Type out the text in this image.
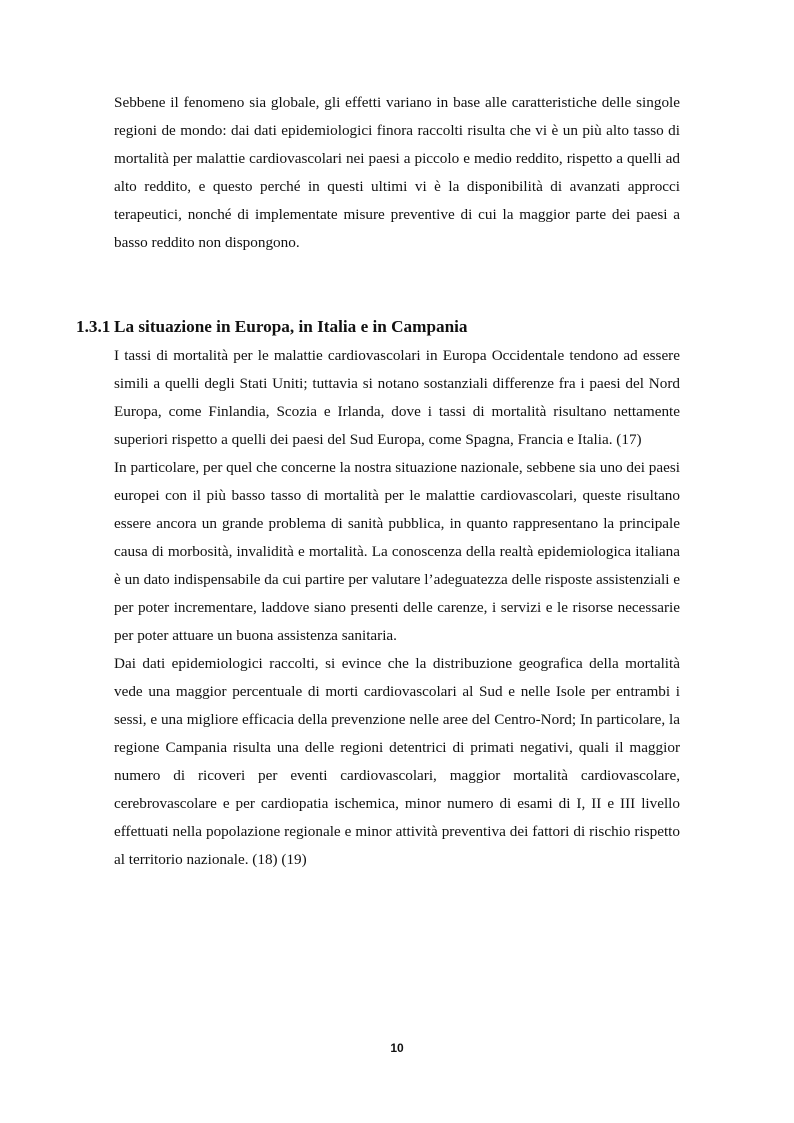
Sebbene il fenomeno sia globale, gli effetti variano in base alle caratteristiche delle singole regioni de mondo: dai dati epidemiologici finora raccolti risulta che vi è un più alto tasso di mortalità per malattie cardiovascolari nei paesi a piccolo e medio reddito, rispetto a quelli ad alto reddito, e questo perché in questi ultimi vi è la disponibilità di avanzati approcci terapeutici, nonché di implementate misure preventive di cui la maggior parte dei paesi a basso reddito non dispongono.

1.3.1 La situazione in Europa, in Italia e in Campania

I tassi di mortalità per le malattie cardiovascolari in Europa Occidentale tendono ad essere simili a quelli degli Stati Uniti; tuttavia si notano sostanziali differenze fra i paesi del Nord Europa, come Finlandia, Scozia e Irlanda, dove i tassi di mortalità risultano nettamente superiori rispetto a quelli dei paesi del Sud Europa, come Spagna, Francia e Italia. (17)

In particolare, per quel che concerne la nostra situazione nazionale, sebbene sia uno dei paesi europei con il più basso tasso di mortalità per le malattie cardiovascolari, queste risultano essere ancora un grande problema di sanità pubblica, in quanto rappresentano la principale causa di morbosità, invalidità e mortalità. La conoscenza della realtà epidemiologica italiana è un dato indispensabile da cui partire per valutare l’adeguatezza delle risposte assistenziali e per poter incrementare, laddove siano presenti delle carenze, i servizi e le risorse necessarie per poter attuare un buona assistenza sanitaria.

Dai dati epidemiologici raccolti, si evince che la distribuzione geografica della mortalità vede una maggior percentuale di morti cardiovascolari al Sud e nelle Isole per entrambi i sessi, e una migliore efficacia della prevenzione nelle aree del Centro-Nord; In particolare, la regione Campania risulta una delle regioni detentrici di primati negativi, quali il maggior numero di ricoveri per eventi cardiovascolari, maggior mortalità cardiovascolare, cerebrovascolare e per cardiopatia ischemica, minor numero di esami di I, II e III livello effettuati nella popolazione regionale e minor attività preventiva dei fattori di rischio rispetto al territorio nazionale. (18) (19)

10
